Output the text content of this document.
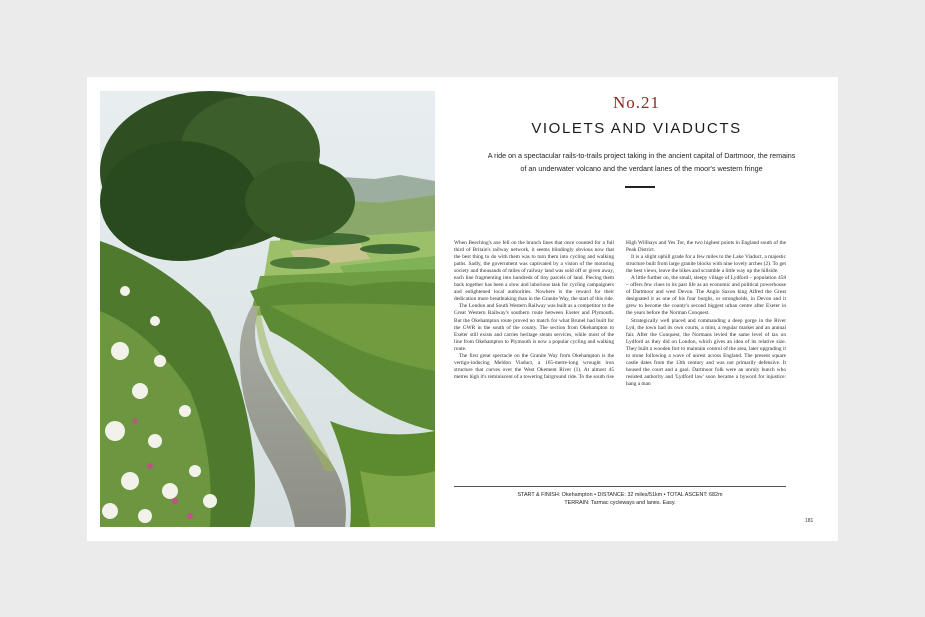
No.21
VIOLETS AND VIADUCTS
A ride on a spectacular rails-to-trails project taking in the ancient capital of Dartmoor, the remains of an underwater volcano and the verdant lanes of the moor's western fringe

When Beeching's axe fell on the branch lines that once counted for a full third of Britain's railway network, it seems blindingly obvious now that the best thing to do with them was to turn them into cycling and walking paths. Sadly, the government was captivated by a vision of the motoring society and thousands of miles of railway land was sold off or given away, each line fragmenting into hundreds of tiny parcels of land. Piecing them back together has been a slow and laborious task for cycling campaigners and enlightened local authorities. Nowhere is the reward for their dedication more breathtaking than in the Granite Way, the start of this ride.

The London and South Western Railway was built as a competitor to the Great Western Railway's southern route between Exeter and Plymouth. But the Okehampton route proved no match for what Brunel had built for the GWR in the south of the county. The section from Okehampton to Exeter still exists and carries heritage steam services, while most of the line from Okehampton to Plymouth is now a popular cycling and walking route.

The first great spectacle on the Granite Way from Okehampton is the vertigo-inducing Meldon Viaduct, a 165-metre-long wrought iron structure that curves over the West Okement River (1). At almost 45 metres high it's reminiscent of a towering fairground ride. To the south rise High Willhays and Yes Tor, the two highest points in England south of the Peak District.

It is a slight uphill grade for a few miles to the Lake Viaduct, a majestic structure built from large granite blocks with nine lovely arches (2). To get the best views, leave the bikes and scramble a little way up the hillside.

A little further on, the small, sleepy village of Lydford – population 458 – offers few clues to its past life as an economic and political powerhouse of Dartmoor and west Devon. The Anglo Saxon king Alfred the Great designated it as one of his four burghs, or strongholds, in Devon and it grew to become the county's second biggest urban centre after Exeter in the years before the Norman Conquest.

Strategically well placed and commanding a deep gorge in the River Lyd, the town had its own courts, a mint, a regular market and an annual fair. After the Conquest, the Normans levied the same level of tax on Lydford as they did on London, which gives an idea of its relative size. They built a wooden fort to maintain control of the area, later upgrading it to stone following a wave of unrest across England. The present square castle dates from the 13th century and was not primarily defensive. It housed the court and a gaol. Dartmoor folk were an unruly bunch who resisted authority and 'Lydford law' soon became a byword for injustice: hang a man

START & FINISH: Okehampton • DISTANCE: 32 miles/51km • TOTAL ASCENT: 682m
TERRAIN: Tarmac cycleways and lanes. Easy.
181
